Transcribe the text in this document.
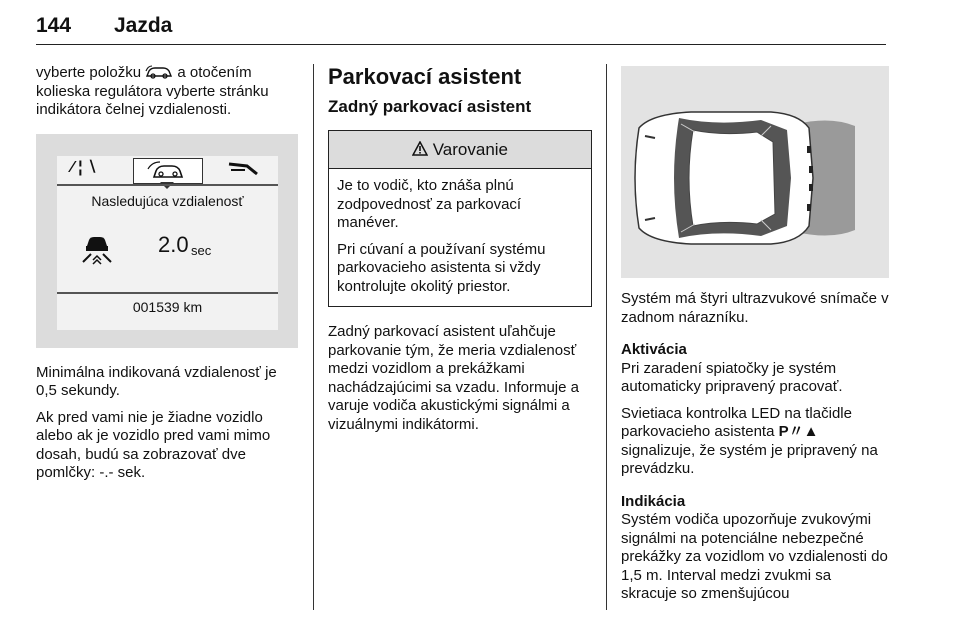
144 Jazda

vyberte položku a otočením kolieska regulátora vyberte stránku indikátora čelnej vzdialenosti.

∕ ¦ ∖
Nasledujúca vzdialenosť
2.0 sec
001539 km

Minimálna indikovaná vzdialenosť je 0,5 sekundy.

Ak pred vami nie je žiadne vozidlo alebo ak je vozidlo pred vami mimo dosah, budú sa zobrazovať dve pomlčky: -.- sek.

Parkovací asistent
Zadný parkovací asistent
Varovanie

Je to vodič, kto znáša plnú zodpovednosť za parkovací manéver.

Pri cúvaní a používaní systému parkovacieho asistenta si vždy kontrolujte okolitý priestor.

Zadný parkovací asistent uľahčuje parkovanie tým, že meria vzdialenosť medzi vozidlom a prekážkami nachádzajúcimi sa vzadu. Informuje a varuje vodiča akustickými signálmi a vizuálnymi indikátormi.

Systém má štyri ultrazvukové snímače v zadnom nárazníku.

Aktivácia

Pri zaradení spiatočky je systém automaticky pripravený pracovať.

Svietiaca kontrolka LED na tlačidle parkovacieho asistenta P〃▲ signalizuje, že systém je pripravený na prevádzku.

Indikácia

Systém vodiča upozorňuje zvukovými signálmi na potenciálne nebezpečné prekážky za vozidlom vo vzdialenosti do 1,5 m. Interval medzi zvukmi sa skracuje so zmenšujúcou
